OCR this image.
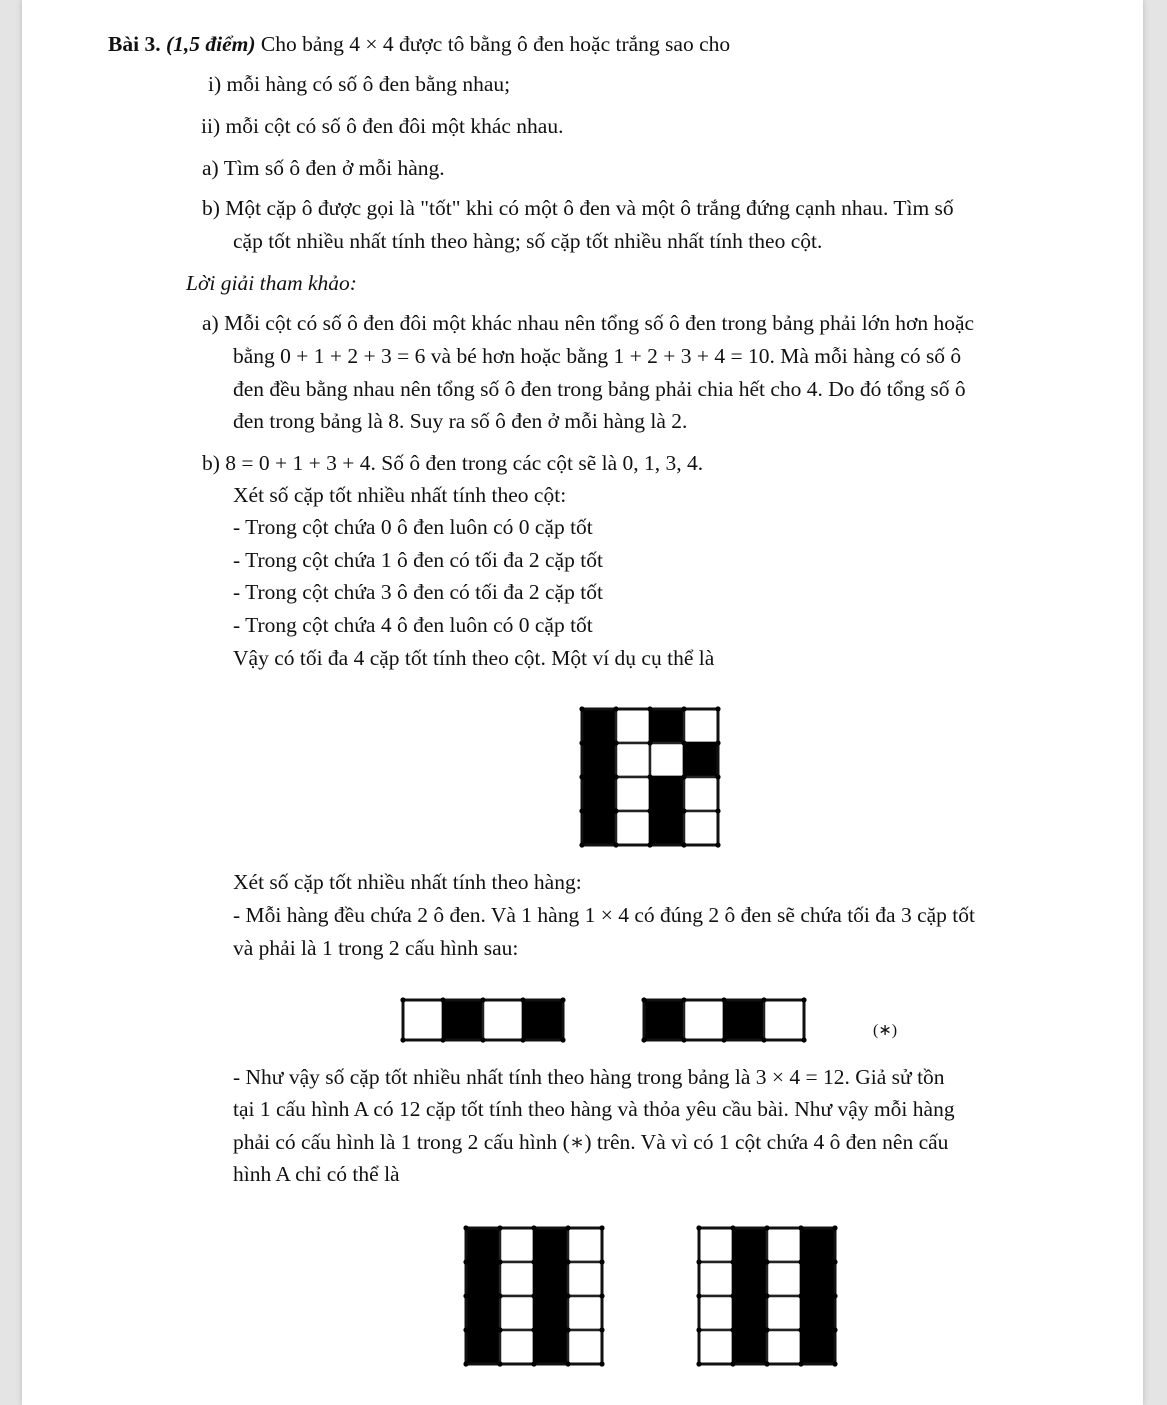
Bài 3. (1,5 điểm) Cho bảng 4 × 4 được tô bằng ô đen hoặc trắng sao cho
i) mỗi hàng có số ô đen bằng nhau;
ii) mỗi cột có số ô đen đôi một khác nhau.
a) Tìm số ô đen ở mỗi hàng.
b) Một cặp ô được gọi là "tốt" khi có một ô đen và một ô trắng đứng cạnh nhau. Tìm số
cặp tốt nhiều nhất tính theo hàng; số cặp tốt nhiều nhất tính theo cột.
Lời giải tham khảo:
a) Mỗi cột có số ô đen đôi một khác nhau nên tổng số ô đen trong bảng phải lớn hơn hoặc
bằng 0 + 1 + 2 + 3 = 6 và bé hơn hoặc bằng 1 + 2 + 3 + 4 = 10. Mà mỗi hàng có số ô
đen đều bằng nhau nên tổng số ô đen trong bảng phải chia hết cho 4. Do đó tổng số ô
đen trong bảng là 8. Suy ra số ô đen ở mỗi hàng là 2.
b) 8 = 0 + 1 + 3 + 4. Số ô đen trong các cột sẽ là 0, 1, 3, 4.
Xét số cặp tốt nhiều nhất tính theo cột:
- Trong cột chứa 0 ô đen luôn có 0 cặp tốt
- Trong cột chứa 1 ô đen có tối đa 2 cặp tốt
- Trong cột chứa 3 ô đen có tối đa 2 cặp tốt
- Trong cột chứa 4 ô đen luôn có 0 cặp tốt
Vậy có tối đa 4 cặp tốt tính theo cột. Một ví dụ cụ thể là
Xét số cặp tốt nhiều nhất tính theo hàng:
- Mỗi hàng đều chứa 2 ô đen. Và 1 hàng 1 × 4 có đúng 2 ô đen sẽ chứa tối đa 3 cặp tốt
và phải là 1 trong 2 cấu hình sau:
(∗)
- Như vậy số cặp tốt nhiều nhất tính theo hàng trong bảng là 3 × 4 = 12. Giả sử tồn
tại 1 cấu hình A có 12 cặp tốt tính theo hàng và thỏa yêu cầu bài. Như vậy mỗi hàng
phải có cấu hình là 1 trong 2 cấu hình (∗) trên. Và vì có 1 cột chứa 4 ô đen nên cấu
hình A chỉ có thể là
